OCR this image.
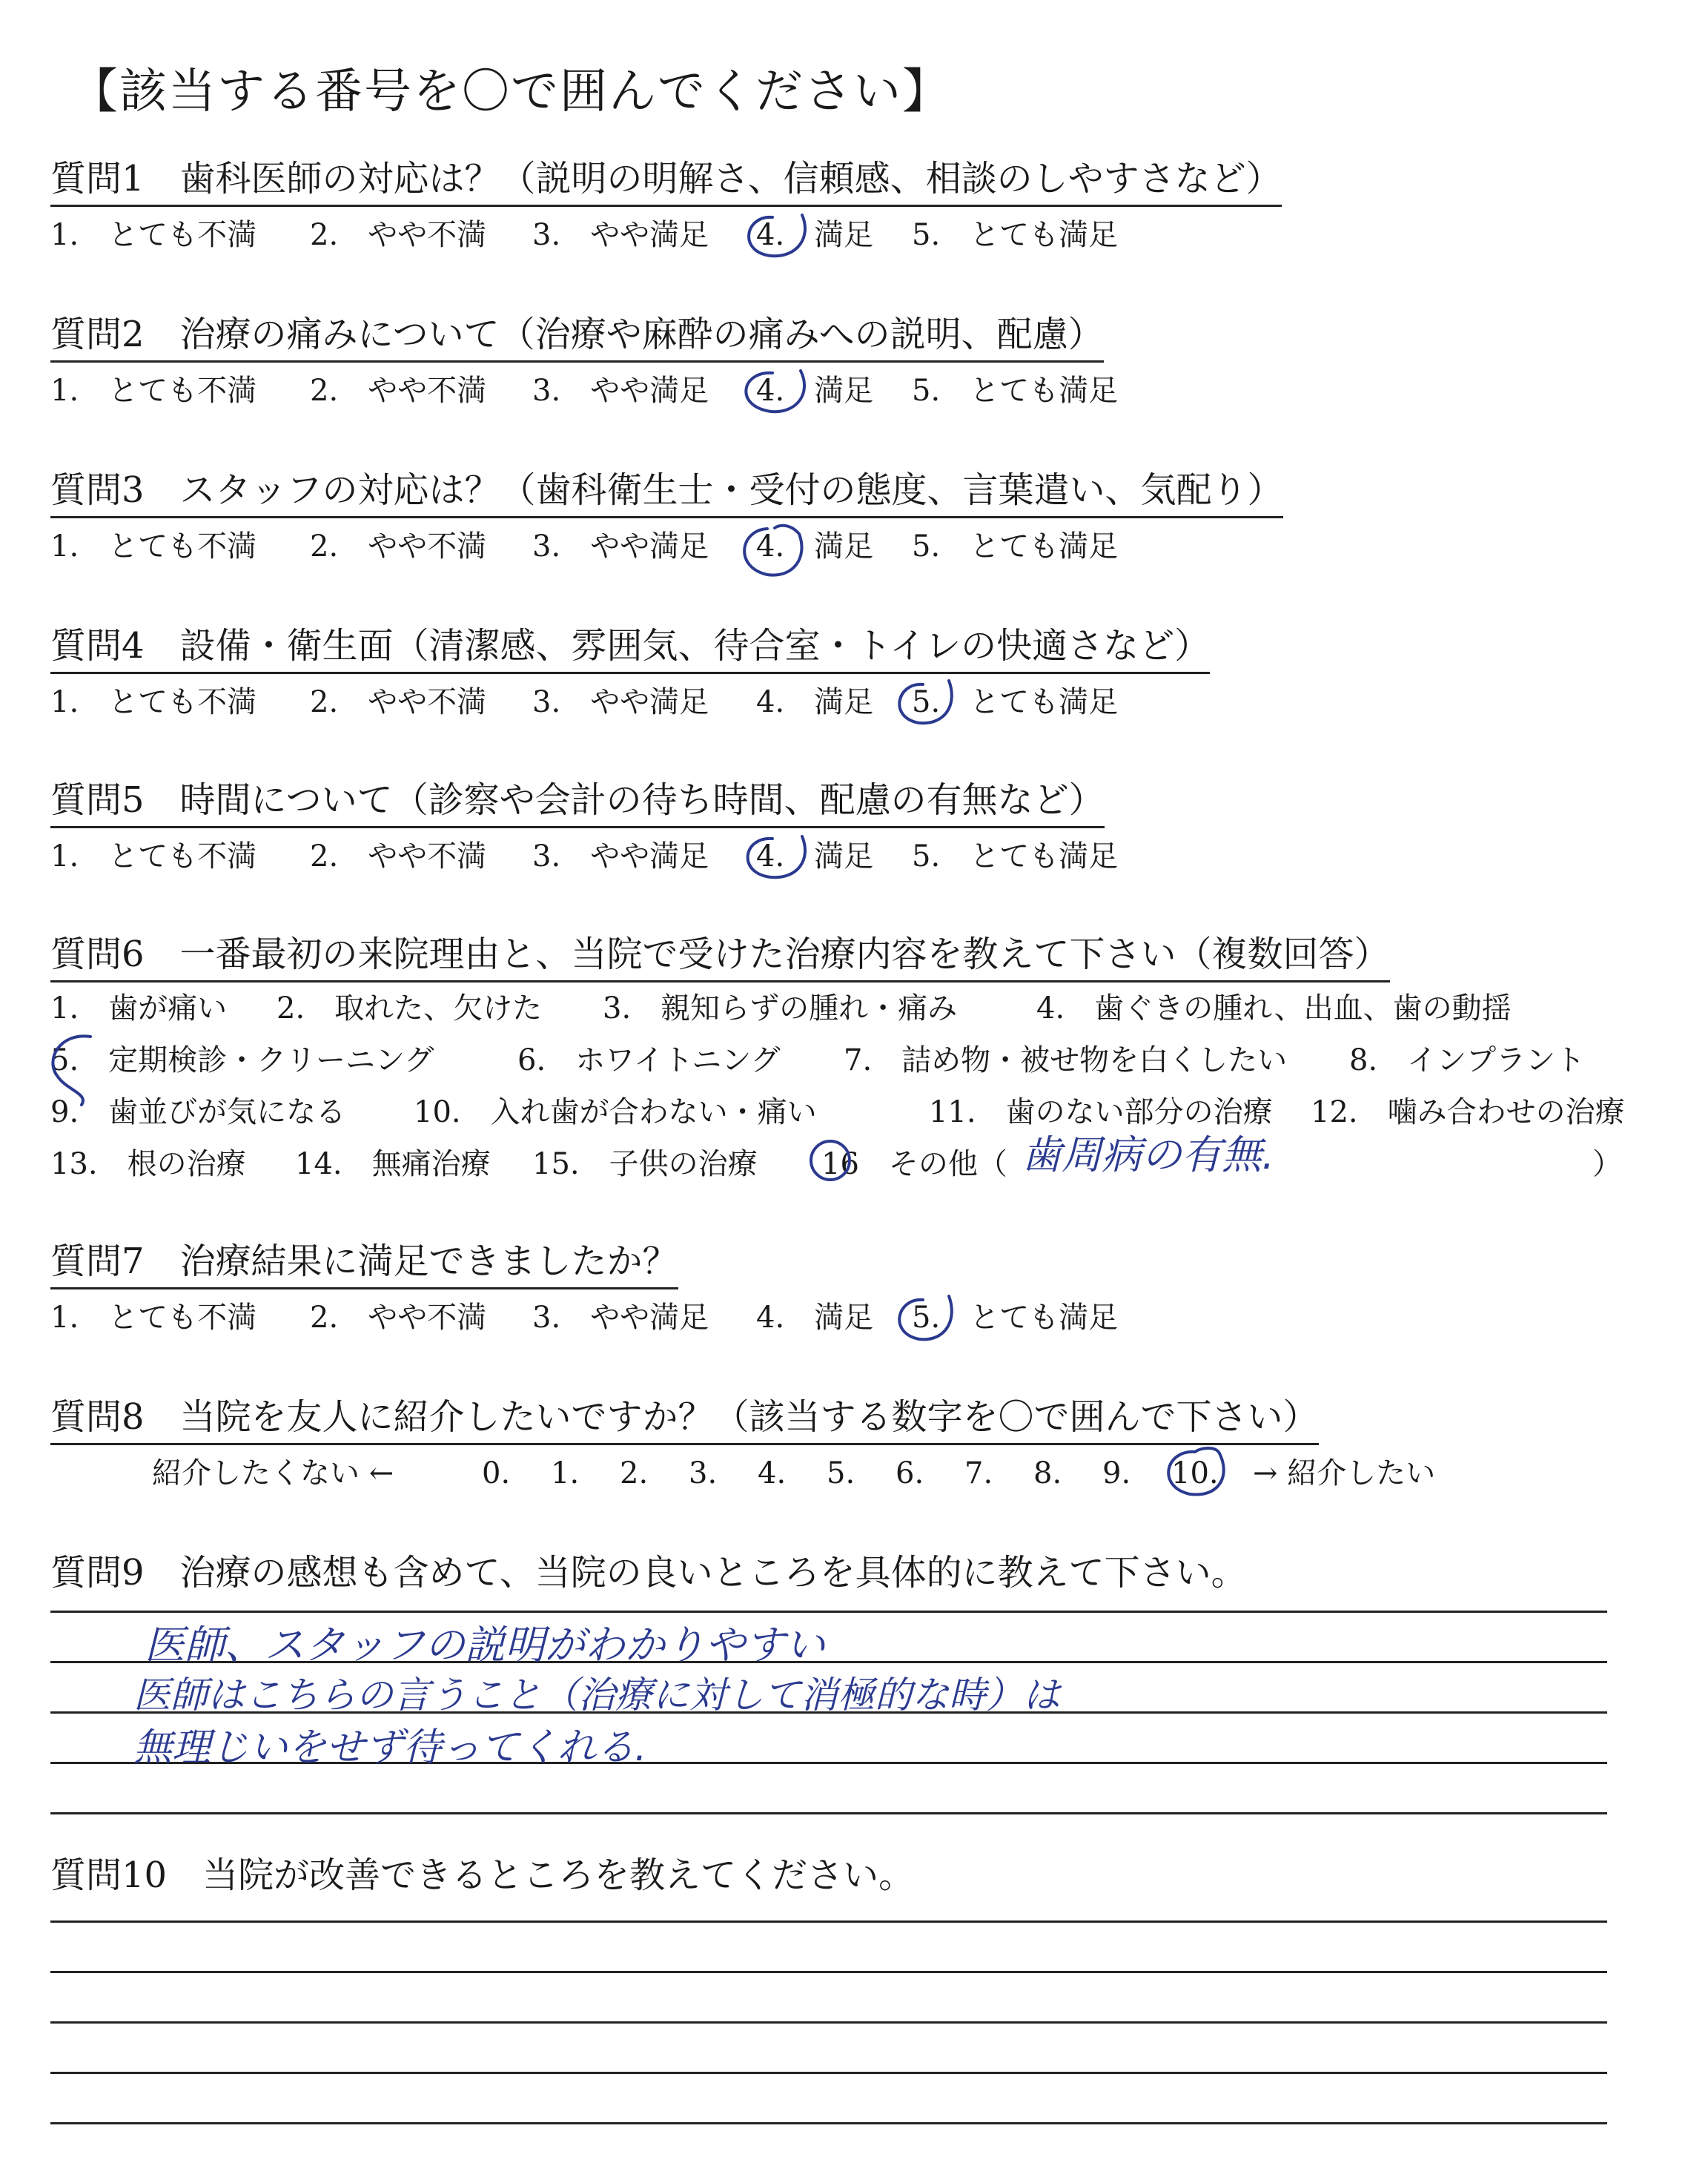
【該当する番号を〇で囲んでください】
質問1　歯科医師の対応は？（説明の明解さ、信頼感、相談のしやすさなど）
1.　とても不満 2.　やや不満 3.　やや満足 4.　満足 5.　とても満足
質問2　治療の痛みについて（治療や麻酔の痛みへの説明、配慮）
1.　とても不満 2.　やや不満 3.　やや満足 4.　満足 5.　とても満足
質問3　スタッフの対応は？（歯科衛生士・受付の態度、言葉遣い、気配り）
1.　とても不満 2.　やや不満 3.　やや満足 4.　満足 5.　とても満足
質問4　設備・衛生面（清潔感、雰囲気、待合室・トイレの快適さなど）
1.　とても不満 2.　やや不満 3.　やや満足 4.　満足 5.　とても満足
質問5　時間について（診察や会計の待ち時間、配慮の有無など）
1.　とても不満 2.　やや不満 3.　やや満足 4.　満足 5.　とても満足
質問6　一番最初の来院理由と、当院で受けた治療内容を教えて下さい（複数回答）
1.　歯が痛い 2.　取れた、欠けた 3.　親知らずの腫れ・痛み	4.　歯ぐきの腫れ、出血、歯の動揺
5.　定期検診・クリーニング	6.　ホワイトニング 7.　詰め物・被せ物を白くしたい 8.　インプラント
9.　歯並びが気になる 10.　入れ歯が合わない・痛い	11.　歯のない部分の治療 12.　噛み合わせの治療
13.　根の治療 14.　無痛治療 15.　子供の治療 16　その他（ 歯周病の有無.	）
質問7　治療結果に満足できましたか？
1.　とても不満 2.　やや不満 3.　やや満足 4.　満足 5.　とても満足
質問8　当院を友人に紹介したいですか？（該当する数字を〇で囲んで下さい）
紹介したくない ←	0. 1. 2. 3. 4. 5. 6. 7. 8. 9. 10. → 紹介したい
質問9　治療の感想も含めて、当院の良いところを具体的に教えて下さい。
医師、スタッフの説明がわかりやすい
医師はこちらの言うこと（治療に対して消極的な時）は
無理じいをせず待ってくれる.
質問10　当院が改善できるところを教えてください。
